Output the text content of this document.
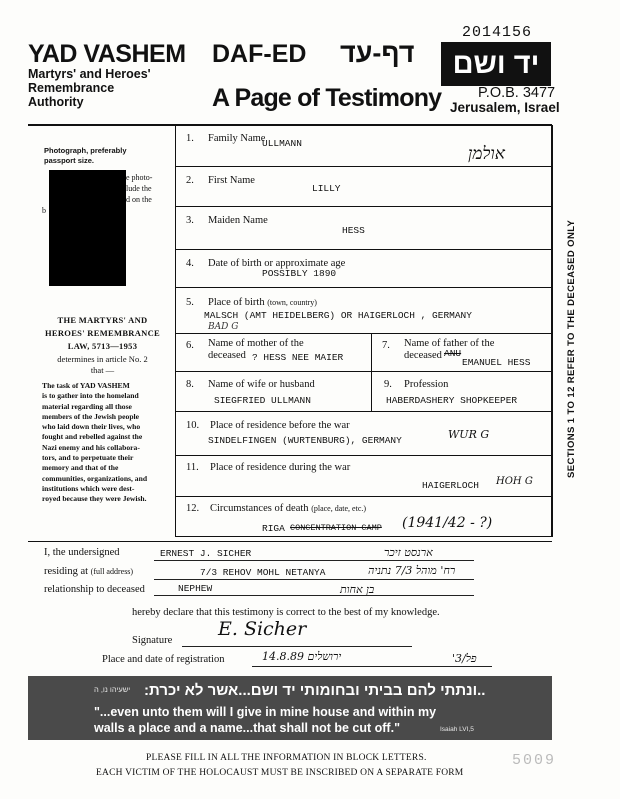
2014156
YAD VASHEM
Martyrs' and Heroes'
Remembrance
Authority
DAF-ED דף-עד
A Page of Testimony
יד ושם
P.O.B. 3477
Jerusalem, Israel
Photograph, preferably
passport size.
e photo-
lude the
d on the
b
THE MARTYRS' AND
HEROES' REMEMBRANCE
LAW, 5713—1953
determines in article No. 2
that —
The task of YAD VASHEM
is to gather into the homeland
material regarding all those
members of the Jewish people
who laid down their lives, who
fought and rebelled against the
Nazi enemy and his collabora-
tors, and to perpetuate their
memory and that of the
communities, organizations, and
institutions which were dest-
royed because they were Jewish.
SECTIONS 1 TO 12 REFER TO THE DECEASED ONLY
1. Family Name
ULLMANN
אולמן
2. First Name
LILLY
3. Maiden Name
HESS
4. Date of birth or approximate age
POSSIBLY 1890
5. Place of birth (town, country)
MALSCH (AMT HEIDELBERG) OR HAIGERLOCH , GERMANY
BAD G
6. Name of mother of the
deceased ? HESS NEE MAIER
7. Name of father of the
deceased ANU
EMANUEL HESS
8. Name of wife or husband
SIEGFRIED ULLMANN
9. Profession
HABERDASHERY SHOPKEEPER
10. Place of residence before the war
SINDELFINGEN (WURTENBURG), GERMANY	WUR G
11. Place of residence during the war
HAIGERLOCH HOH G
12. Circumstances of death (place, date, etc.)
RIGA CONCENTRATION CAMP (1941/42 - ?)
I, the undersigned	ERNEST J. SICHER	ארנסט זיכר
residing at (full address)	7/3 REHOV MOHL NETANYA	רח' מוהל 7/3 נתניה
relationship to deceased	NEPHEW	בן אחות
hereby declare that this testimony is correct to the best of my knowledge.
Signature
E. Sicher
Place and date of registration	ירושלים 14.8.89	פל/3'
ישעיהו נו, ה ..ונתתי להם בביתי ובחומותי יד ושם...אשר לא יכרת:
"...even unto them will I give in mine house and within my
walls a place and a name...that shall not be cut off."	Isaiah LVI,5
PLEASE FILL IN ALL THE INFORMATION IN BLOCK LETTERS.
EACH VICTIM OF THE HOLOCAUST MUST BE INSCRIBED ON A SEPARATE FORM
5009
